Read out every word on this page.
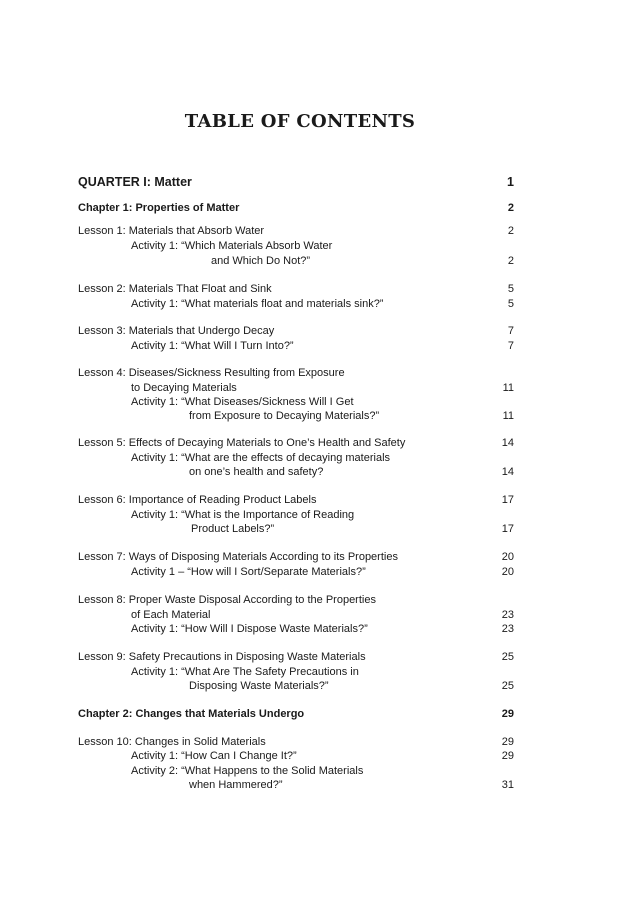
TABLE OF CONTENTS
QUARTER I: Matter	1
Chapter 1: Properties of Matter	2
Lesson 1: Materials that Absorb Water	2
Activity 1: “Which Materials Absorb Water
and Which Do Not?”	2
Lesson 2: Materials That Float and Sink	5
Activity 1: “What materials float and materials sink?”	5
Lesson 3: Materials that Undergo Decay	7
Activity 1: “What Will I Turn Into?”	7
Lesson 4: Diseases/Sickness Resulting from Exposure
to Decaying Materials	11
Activity 1: “What Diseases/Sickness Will I Get
from Exposure to Decaying Materials?”	11
Lesson 5: Effects of Decaying Materials to One’s Health and Safety	14
Activity 1: “What are the effects of decaying materials
on one’s health and safety?	14
Lesson 6: Importance of Reading Product Labels	17
Activity 1: “What is the Importance of Reading
Product Labels?”	17
Lesson 7: Ways of Disposing Materials According to its Properties	20
Activity 1 – “How will I Sort/Separate Materials?”	20
Lesson 8: Proper Waste Disposal According to the Properties
of Each Material	23
Activity 1: “How Will I Dispose Waste Materials?”	23
Lesson 9: Safety Precautions in Disposing Waste Materials	25
Activity 1: “What Are The Safety Precautions in
Disposing Waste Materials?”	25
Chapter 2: Changes that Materials Undergo	29
Lesson 10: Changes in Solid Materials	29
Activity 1: “How Can I Change It?”	29
Activity 2: “What Happens to the Solid Materials
when Hammered?”	31
